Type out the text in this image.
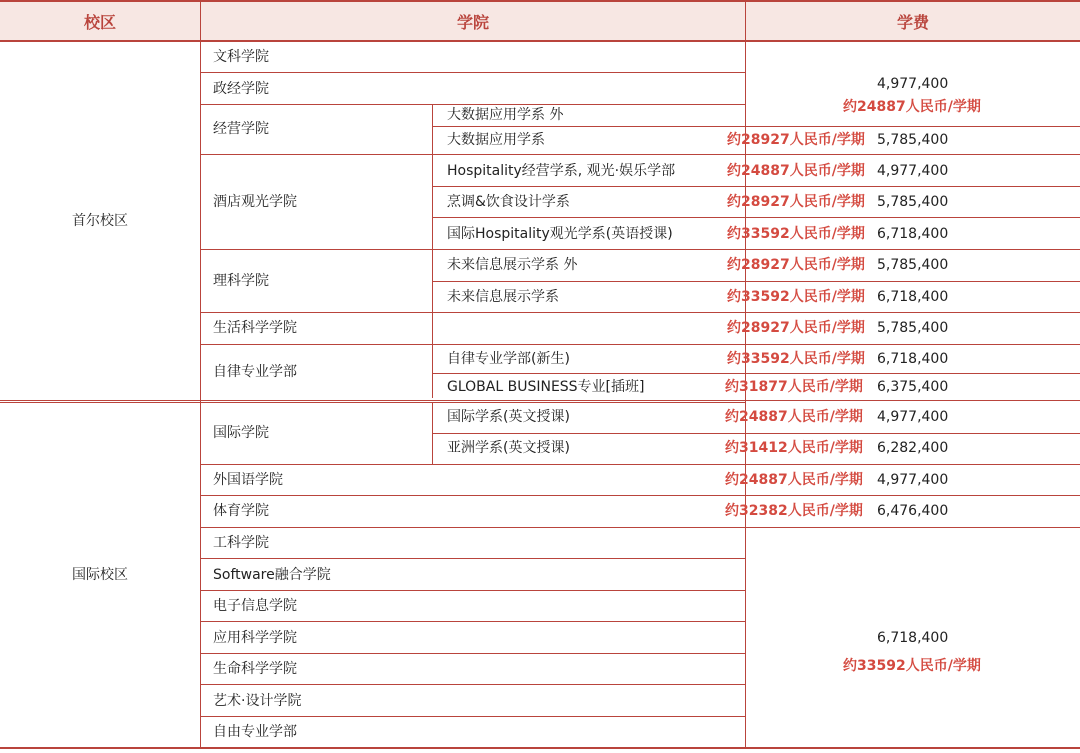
校区	学院	学费
首尔校区
国际校区
文科学院
政经学院
经营学院
酒店观光学院
理科学院
生活科学学院
自律专业学部
国际学院
外国语学院
体育学院
工科学院
Software融合学院
电子信息学院
应用科学学院
生命科学学院
艺术·设计学院
自由专业学部
大数据应用学系 外
大数据应用学系
Hospitality经营学系, 观光·娱乐学部
烹调&饮食设计学系
国际Hospitality观光学系(英语授课)
未来信息展示学系 外
未来信息展示学系
自律专业学部(新生)
GLOBAL BUSINESS专业[插班]
国际学系(英文授课)
亚洲学系(英文授课)
4,977,400
约24887人民币/学期
约28927人民币/学期 5,785,400
约24887人民币/学期 4,977,400
约28927人民币/学期 5,785,400
约33592人民币/学期 6,718,400
约28927人民币/学期 5,785,400
约33592人民币/学期 6,718,400
约28927人民币/学期 5,785,400
约33592人民币/学期 6,718,400
约31877人民币/学期 6,375,400
约24887人民币/学期 4,977,400
约31412人民币/学期 6,282,400
约24887人民币/学期 4,977,400
约32382人民币/学期 6,476,400
6,718,400
约33592人民币/学期
